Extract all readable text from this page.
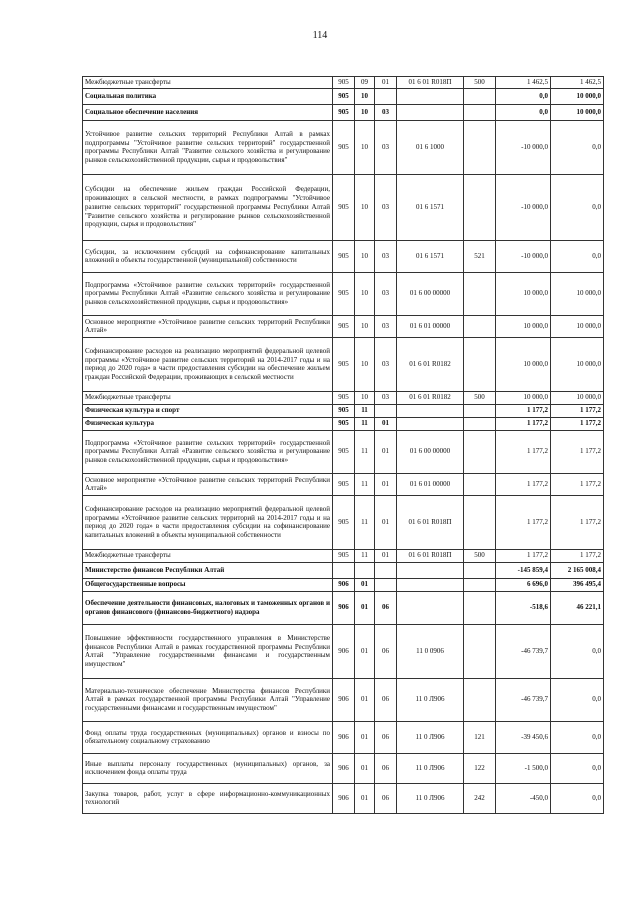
114
Межбюджетные трансферты	905	09	01	01 6 01 R018П	500	1 462,5	1 462,5
Социальная политика	905	10				0,0	10 000,0
Социальное обеспечение населения	905	10	03			0,0	10 000,0
Устойчивое развитие сельских территорий Республики Алтай в рамках подпрограммы "Устойчивое развитие сельских территорий" государственной программы Республики Алтай "Развитие сельского хозяйства и регулирование рынков сельскохозяйственной продукции, сырья и продовольствия"	905	10	03	01 6 1000		-10 000,0	0,0
Субсидии на обеспечение жильем граждан Российской Федерации, проживающих в сельской местности, в рамках подпрограммы "Устойчивое развитие сельских территорий" государственной программы Республики Алтай "Развитие сельского хозяйства и регулирование рынков сельскохозяйственной продукции, сырья и продовольствия"	905	10	03	01 6 1571		-10 000,0	0,0
Субсидии, за исключением субсидий на софинансирование капитальных вложений в объекты государственной (муниципальной) собственности	905	10	03	01 6 1571	521	-10 000,0	0,0
Подпрограмма «Устойчивое развитие сельских территорий» государственной программы Республики Алтай «Развитие сельского хозяйства и регулирование рынков сельскохозяйственной продукции, сырья и продовольствия»	905	10	03	01 6 00 00000		10 000,0	10 000,0
Основное мероприятие «Устойчивое развитие сельских территорий Республики Алтай»	905	10	03	01 6 01 00000		10 000,0	10 000,0
Софинансирование расходов на реализацию мероприятий федеральной целевой программы «Устойчивое развитие сельских территорий на 2014-2017 годы и на период до 2020 года» в части предоставления субсидии на обеспечение жильем граждан Российской Федерации, проживающих в сельской местности	905	10	03	01 6 01 R0182		10 000,0	10 000,0
Межбюджетные трансферты	905	10	03	01 6 01 R0182	500	10 000,0	10 000,0
Физическая культура и спорт	905	11				1 177,2	1 177,2
Физическая культура	905	11	01			1 177,2	1 177,2
Подпрограмма «Устойчивое развитие сельских территорий» государственной программы Республики Алтай «Развитие сельского хозяйства и регулирование рынков сельскохозяйственной продукции, сырья и продовольствия»	905	11	01	01 6 00 00000		1 177,2	1 177,2
Основное мероприятие «Устойчивое развитие сельских территорий Республики Алтай»	905	11	01	01 6 01 00000		1 177,2	1 177,2
Софинансирование расходов на реализацию мероприятий федеральной целевой программы «Устойчивое развитие сельских территорий на 2014-2017 годы и на период до 2020 года» в части предоставления субсидии на софинансирование капитальных вложений в объекты муниципальной собственности	905	11	01	01 6 01 R018П		1 177,2	1 177,2
Межбюджетные трансферты	905	11	01	01 6 01 R018П	500	1 177,2	1 177,2
Министерство финансов Республики Алтай						-145 859,4	2 165 008,4
Общегосударственные вопросы	906	01				6 696,0	396 495,4
Обеспечение деятельности финансовых, налоговых и таможенных органов и органов финансового (финансово-бюджетного) надзора	906	01	06			-518,6	46 221,1
Повышение эффективности государственного управления в Министерстве финансов Республики Алтай в рамках государственной программы Республики Алтай "Управление государственными финансами и государственным имуществом"	906	01	06	11 0 0906		-46 739,7	0,0
Материально-техническое обеспечение Министерства финансов Республики Алтай в рамках государственной программы Республики Алтай "Управление государственными финансами и государственным имуществом"	906	01	06	11 0 Л906		-46 739,7	0,0
Фонд оплаты труда государственных (муниципальных) органов и взносы по обязательному социальному страхованию	906	01	06	11 0 Л906	121	-39 450,6	0,0
Иные выплаты персоналу государственных (муниципальных) органов, за исключением фонда оплаты труда	906	01	06	11 0 Л906	122	-1 500,0	0,0
Закупка товаров, работ, услуг в сфере информационно-коммуникационных технологий	906	01	06	11 0 Л906	242	-450,0	0,0
